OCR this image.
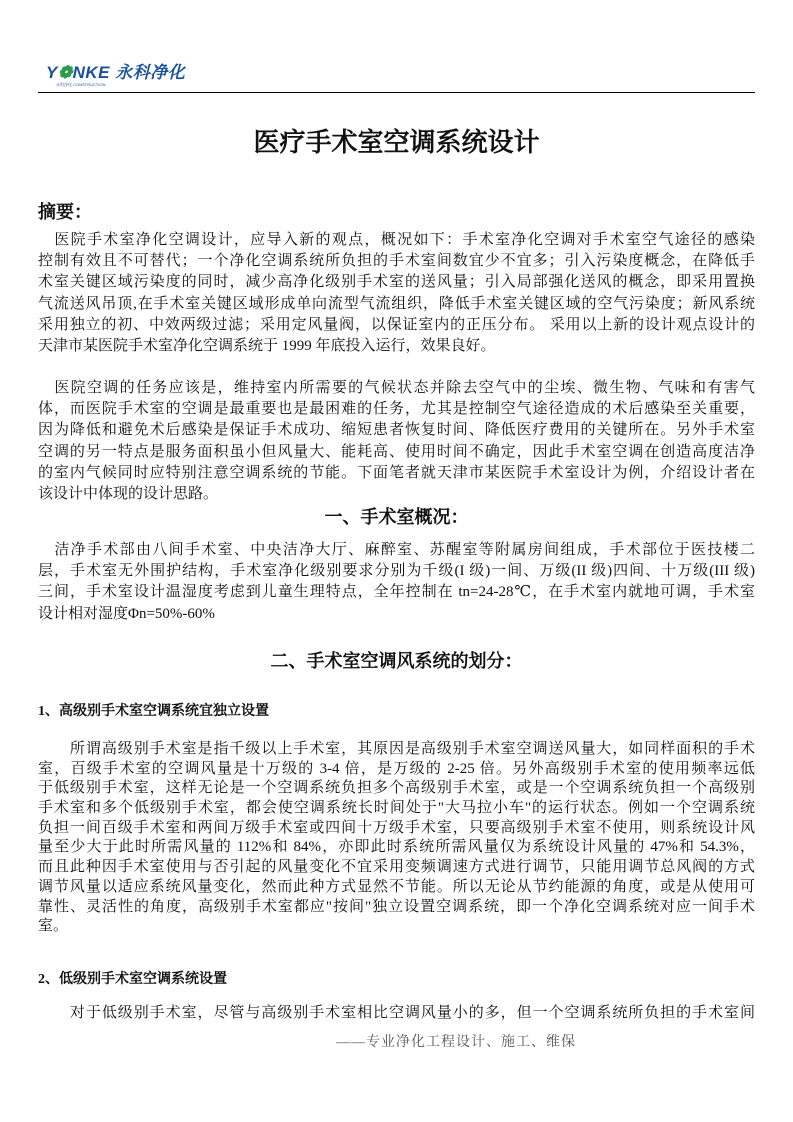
Y❁NKE 永科净化
永科净化 CONSTRUCTION
医疗手术室空调系统设计
摘要：
　医院手术室净化空调设计，应导入新的观点，概况如下：手术室净化空调对手术室空气途径的感染
控制有效且不可替代；一个净化空调系统所负担的手术室间数宜少不宜多；引入污染度概念，在降低手
术室关键区域污染度的同时，减少高净化级别手术室的送风量；引入局部强化送风的概念，即采用置换
气流送风吊顶,在手术室关键区域形成单向流型气流组织，降低手术室关键区域的空气污染度；新风系统
采用独立的初、中效两级过滤；采用定风量阀，以保证室内的正压分布。 采用以上新的设计观点设计的
天津市某医院手术室净化空调系统于 1999 年底投入运行，效果良好。
　医院空调的任务应该是，维持室内所需要的气候状态并除去空气中的尘埃、微生物、气味和有害气
体，而医院手术室的空调是最重要也是最困难的任务，尤其是控制空气途径造成的术后感染至关重要，
因为降低和避免术后感染是保证手术成功、缩短患者恢复时间、降低医疗费用的关键所在。另外手术室
空调的另一特点是服务面积虽小但风量大、能耗高、使用时间不确定，因此手术室空调在创造高度洁净
的室内气候同时应特别注意空调系统的节能。下面笔者就天津市某医院手术室设计为例，介绍设计者在
该设计中体现的设计思路。
一、手术室概况：
　洁净手术部由八间手术室、中央洁净大厅、麻醉室、苏醒室等附属房间组成，手术部位于医技楼二
层，手术室无外围护结构，手术室净化级别要求分别为千级(I 级)一间、万级(II 级)四间、十万级(III 级)
三间，手术室设计温湿度考虑到儿童生理特点，全年控制在 tn=24-28℃，在手术室内就地可调，手术室
设计相对湿度Φn=50%-60%
二、手术室空调风系统的划分：
1、高级别手术室空调系统宜独立设置
　　所谓高级别手术室是指千级以上手术室，其原因是高级别手术室空调送风量大，如同样面积的手术
室，百级手术室的空调风量是十万级的 3-4 倍，是万级的 2-25 倍。另外高级别手术室的使用频率远低
于低级别手术室，这样无论是一个空调系统负担多个高级别手术室，或是一个空调系统负担一个高级别
手术室和多个低级别手术室，都会使空调系统长时间处于"大马拉小车"的运行状态。例如一个空调系统
负担一间百级手术室和两间万级手术室或四间十万级手术室，只要高级别手术室不使用，则系统设计风
量至少大于此时所需风量的 112%和 84%，亦即此时系统所需风量仅为系统设计风量的 47%和 54.3%，
而且此种因手术室使用与否引起的风量变化不宜采用变频调速方式进行调节，只能用调节总风阀的方式
调节风量以适应系统风量变化，然而此种方式显然不节能。所以无论从节约能源的角度，或是从使用可
靠性、灵活性的角度，高级别手术室都应"按间"独立设置空调系统，即一个净化空调系统对应一间手术
室。
2、低级别手术室空调系统设置
　　对于低级别手术室，尽管与高级别手术室相比空调风量小的多，但一个空调系统所负担的手术室间
——专业净化工程设计、施工、维保
